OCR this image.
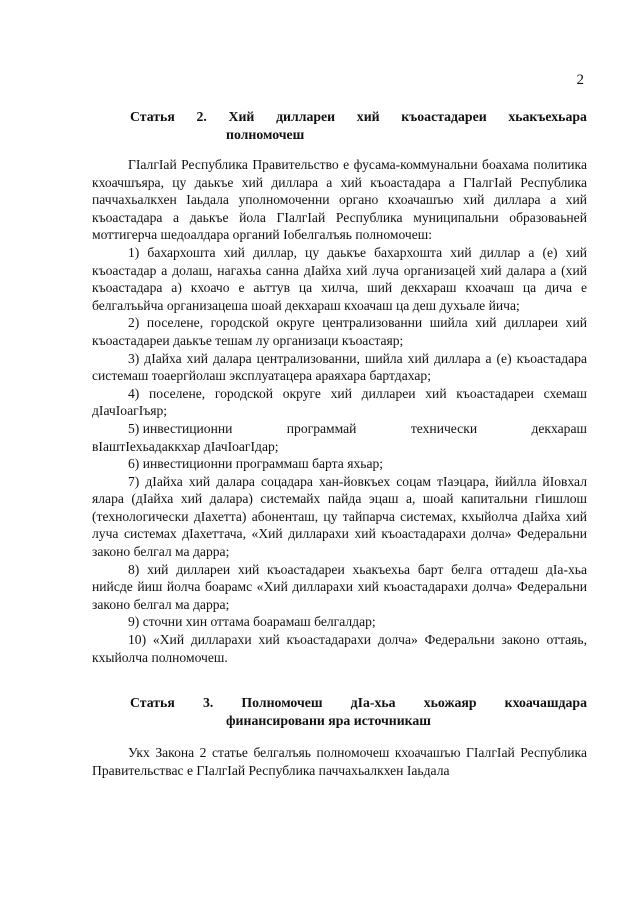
2
Статья 2. Хий диллареи хий къоастадареи хьакъехьара
полномочеш

ГӀалгӀай Республика Правительство е фусама-коммунальни боахама политика кхоачшъяра, цу даькъе хий диллара а хий къоастадара а ГӀалгӀай Республика паччахьалкхен Ӏаьдала уполномоченни органо кхоачашъю хий диллара а хий къоастадара а даькъе йола ГӀалгӀай Республика муниципальни образоваьней моттигерча шедоалдара органий Ӏобелгалъяь полномочеш:

1) бахархошта хий диллар, цу даькъе бахархошта хий диллар а (е) хий къоастадар а долаш, нагахьа санна дӀайха хий луча организацей хий далара а (хий къоастадара а) кхоачо е аьттув ца хилча, ший декхараш кхоачаш ца дича е белгалъьйча организацеша шоай декхараш кхоачаш ца деш духьале йича;

2) поселене, городской округе централизованни шийла хий диллареи хий къоастадареи даькъе тешам лу организаци къоастаяр;

3) дӀайха хий далара централизованни, шийла хий диллара а (е) къоастадара системаш тоаергйолаш эксплуатацера араяхара бартдахар;

4) поселене, городской округе хий диллареи хий къоастадареи схемаш дӀачӀоагӀъяр;

5) инвестиционни	программай	технически	декхараш

вӀаштӀехьадаккхар дӀачӀоагӀдар;

6) инвестиционни программаш барта яхьар;

7) дӀайха хий далара соцадара хан-йовкъех соцам тӀаэцара, йийлла йӀовхал ялара (дӀайха хий далара) системайх пайда эцаш а, шоай капитальни гӀишлош (технологически дӀахетта) абоненташ, цу тайпарча системах, кхыйолча дӀайха хий луча системах дӀахеттача, «Хий дилларахи хий къоастадарахи долча» Федеральни законо белгал ма дарра;

8) хий диллареи хий къоастадареи хьакъехьа барт белга оттадеш дӀа-хьа нийсде йиш йолча боарамс «Хий дилларахи хий къоастадарахи долча» Федеральни законо белгал ма дарра;

9) сточни хин оттама боарамаш белгалдар;

10) «Хий дилларахи хий къоастадарахи долча» Федеральни законо оттаяь, кхыйолча полномочеш.

Статья 3. Полномочеш дӀа-хьа хьожаяр кхоачашдара
финансировани яра источникаш

Укх Закона 2 статье белгалъяь полномочеш кхоачашъю ГӀалгӀай Республика Правительствас е ГӀалгӀай Республика паччахьалкхен Ӏаьдала
